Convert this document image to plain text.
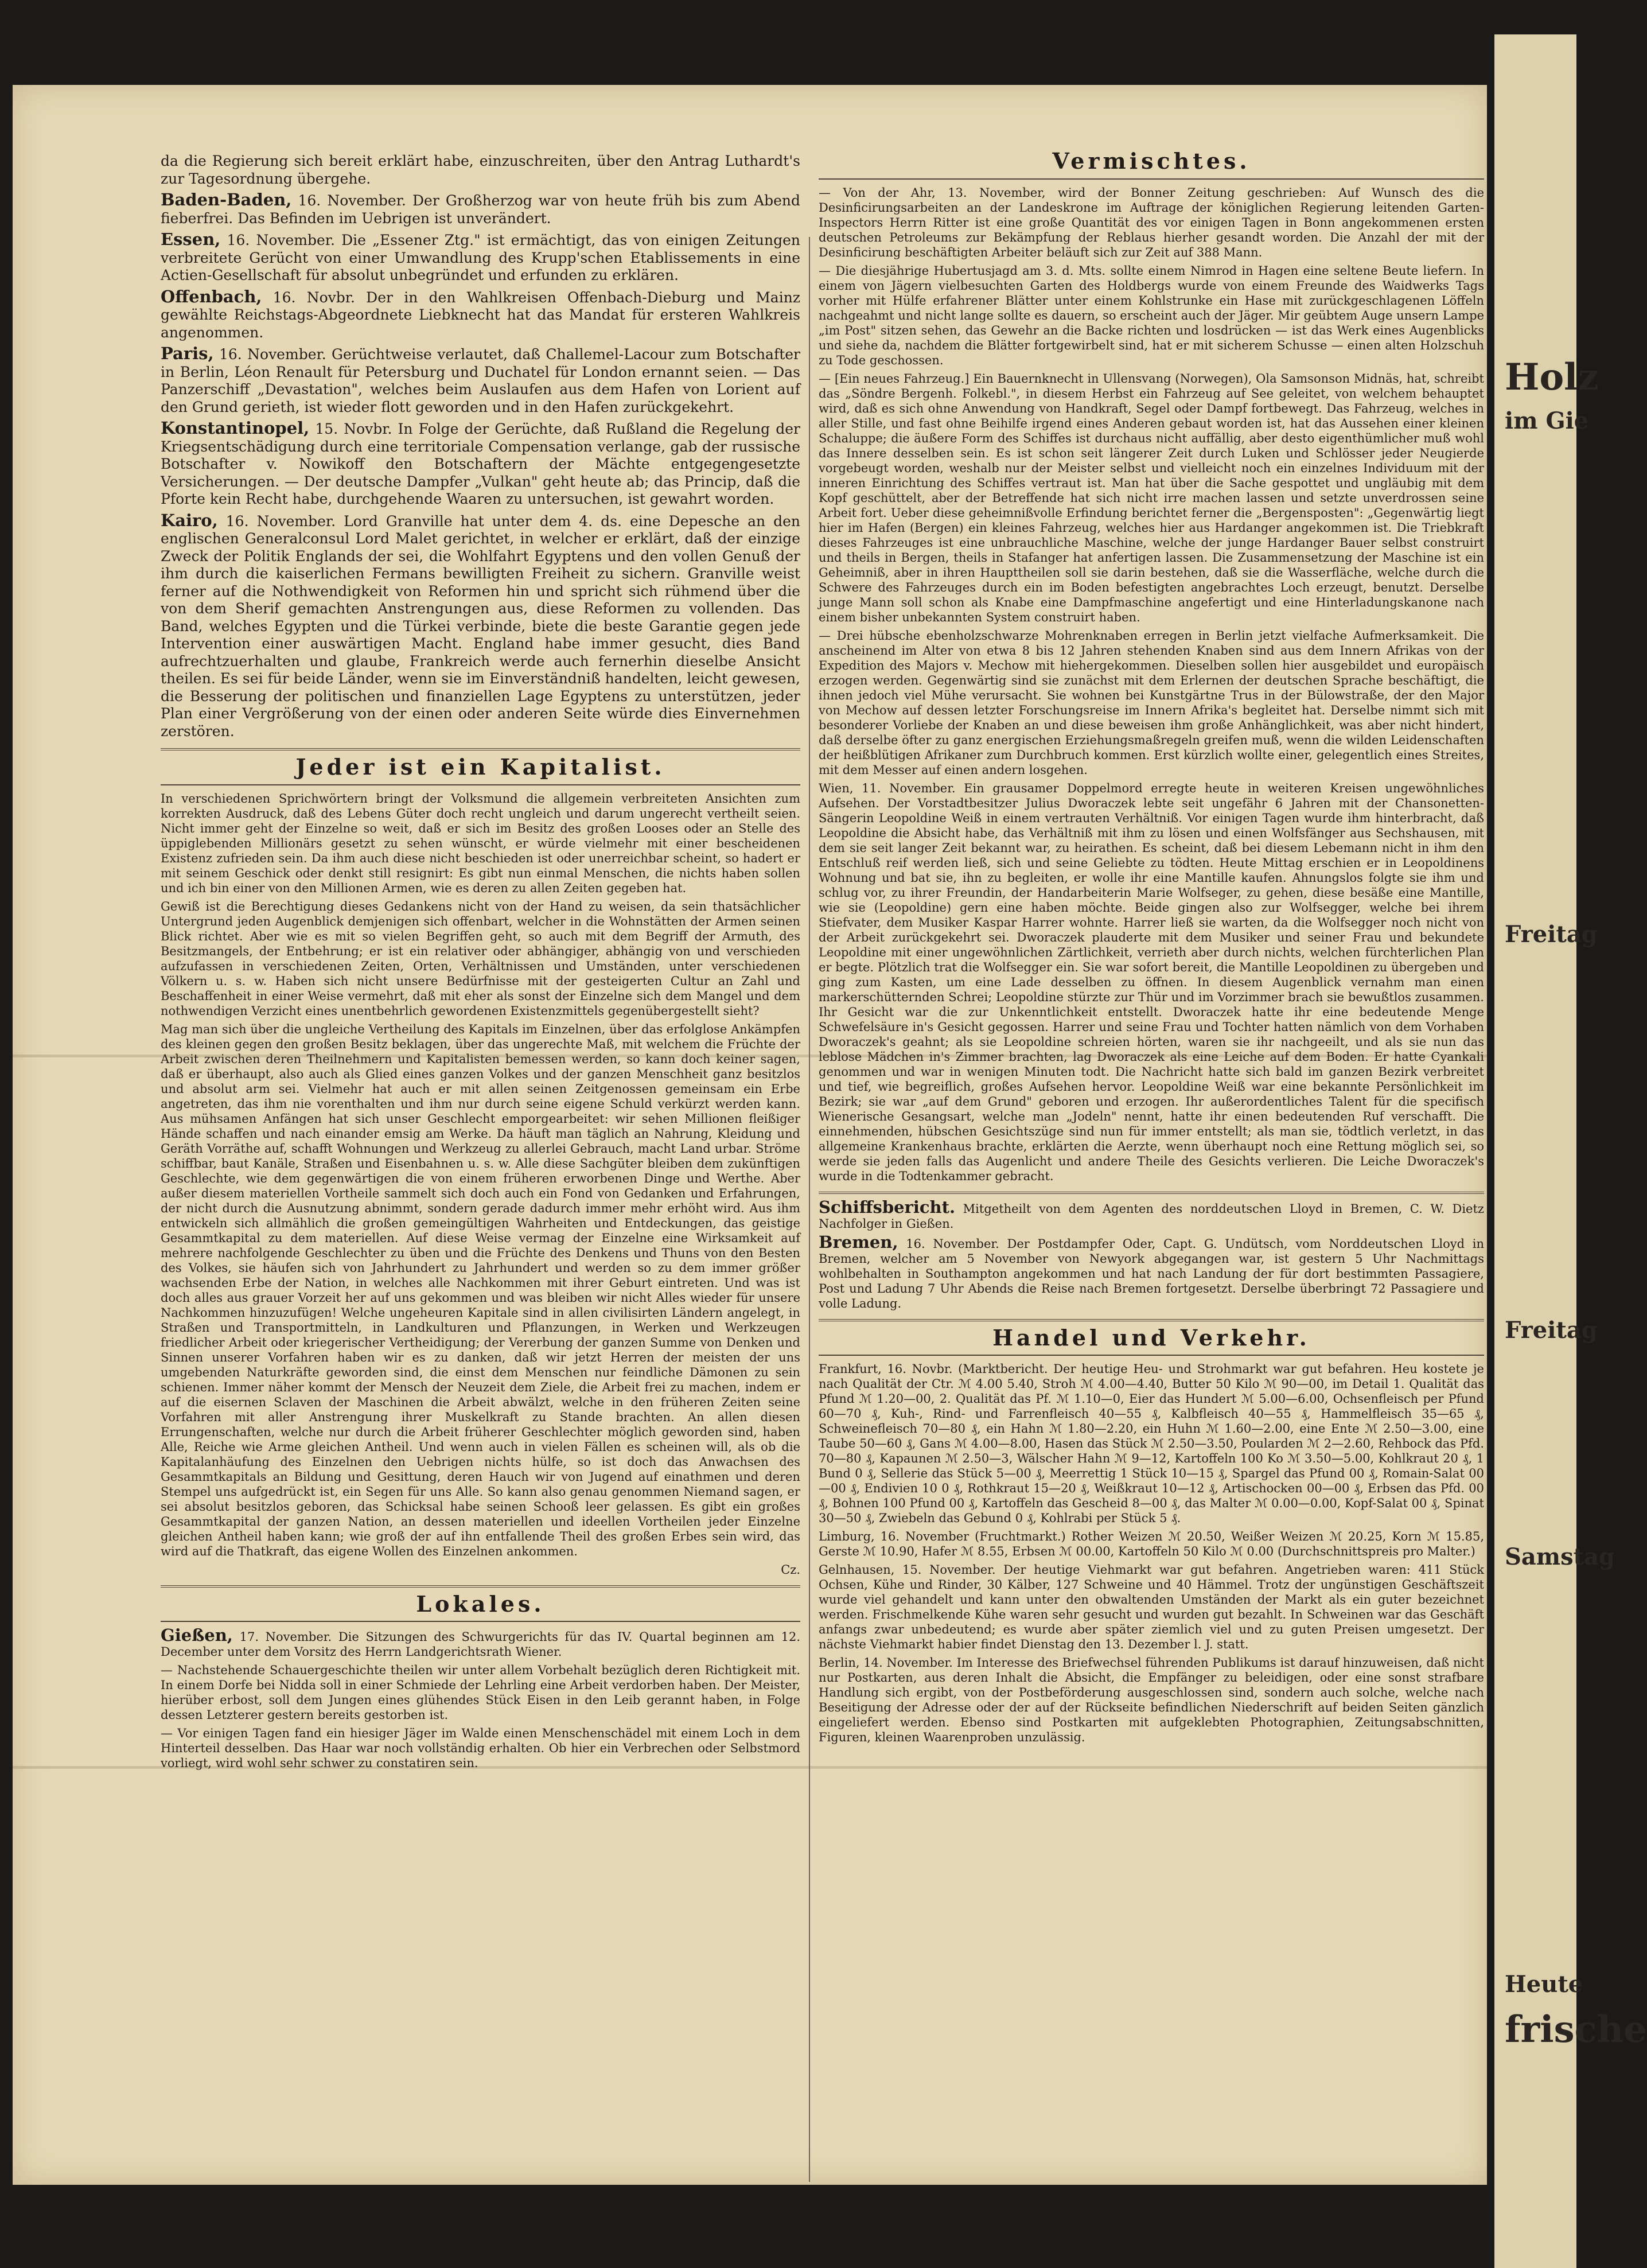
da die Regierung sich bereit erklärt habe, einzuschreiten, über den Antrag Luthardt's zur Tagesordnung übergehe.

Baden-Baden, 16. November. Der Großherzog war von heute früh bis zum Abend fieberfrei. Das Befinden im Uebrigen ist unverändert.

Essen, 16. November. Die „Essener Ztg." ist ermächtigt, das von einigen Zeitungen verbreitete Gerücht von einer Umwandlung des Krupp'schen Etablissements in eine Actien-Gesellschaft für absolut unbegründet und erfunden zu erklären.

Offenbach, 16. Novbr. Der in den Wahlkreisen Offenbach-Dieburg und Mainz gewählte Reichstags-Abgeordnete Liebknecht hat das Mandat für ersteren Wahlkreis angenommen.

Paris, 16. November. Gerüchtweise verlautet, daß Challemel-Lacour zum Botschafter in Berlin, Léon Renault für Petersburg und Duchatel für London ernannt seien. — Das Panzerschiff „Devastation", welches beim Auslaufen aus dem Hafen von Lorient auf den Grund gerieth, ist wieder flott geworden und in den Hafen zurückgekehrt.

Konstantinopel, 15. Novbr. In Folge der Gerüchte, daß Rußland die Regelung der Kriegsentschädigung durch eine territoriale Compensation verlange, gab der russische Botschafter v. Nowikoff den Botschaftern der Mächte entgegengesetzte Versicherungen. — Der deutsche Dampfer „Vulkan" geht heute ab; das Princip, daß die Pforte kein Recht habe, durchgehende Waaren zu untersuchen, ist gewahrt worden.

Kairo, 16. November. Lord Granville hat unter dem 4. ds. eine Depesche an den englischen Generalconsul Lord Malet gerichtet, in welcher er erklärt, daß der einzige Zweck der Politik Englands der sei, die Wohlfahrt Egyptens und den vollen Genuß der ihm durch die kaiserlichen Fermans bewilligten Freiheit zu sichern. Granville weist ferner auf die Nothwendigkeit von Reformen hin und spricht sich rühmend über die von dem Sherif gemachten Anstrengungen aus, diese Reformen zu vollenden. Das Band, welches Egypten und die Türkei verbinde, biete die beste Garantie gegen jede Intervention einer auswärtigen Macht. England habe immer gesucht, dies Band aufrechtzuerhalten und glaube, Frankreich werde auch fernerhin dieselbe Ansicht theilen. Es sei für beide Länder, wenn sie im Einverständniß handelten, leicht gewesen, die Besserung der politischen und finanziellen Lage Egyptens zu unterstützen, jeder Plan einer Vergrößerung von der einen oder anderen Seite würde dies Einvernehmen zerstören.

Jeder ist ein Kapitalist.

In verschiedenen Sprichwörtern bringt der Volksmund die allgemein verbreiteten Ansichten zum korrekten Ausdruck, daß des Lebens Güter doch recht ungleich und darum ungerecht vertheilt seien. Nicht immer geht der Einzelne so weit, daß er sich im Besitz des großen Looses oder an Stelle des üppiglebenden Millionärs gesetzt zu sehen wünscht, er würde vielmehr mit einer bescheidenen Existenz zufrieden sein. Da ihm auch diese nicht beschieden ist oder unerreichbar scheint, so hadert er mit seinem Geschick oder denkt still resignirt: Es gibt nun einmal Menschen, die nichts haben sollen und ich bin einer von den Millionen Armen, wie es deren zu allen Zeiten gegeben hat.

Gewiß ist die Berechtigung dieses Gedankens nicht von der Hand zu weisen, da sein thatsächlicher Untergrund jeden Augenblick demjenigen sich offenbart, welcher in die Wohnstätten der Armen seinen Blick richtet. Aber wie es mit so vielen Begriffen geht, so auch mit dem Begriff der Armuth, des Besitzmangels, der Entbehrung; er ist ein relativer oder abhängiger, abhängig von und verschieden aufzufassen in verschiedenen Zeiten, Orten, Verhältnissen und Umständen, unter verschiedenen Völkern u. s. w. Haben sich nicht unsere Bedürfnisse mit der gesteigerten Cultur an Zahl und Beschaffenheit in einer Weise vermehrt, daß mit eher als sonst der Einzelne sich dem Mangel und dem nothwendigen Verzicht eines unentbehrlich gewordenen Existenzmittels gegenübergestellt sieht?

Mag man sich über die ungleiche Vertheilung des Kapitals im Einzelnen, über das erfolglose Ankämpfen des kleinen gegen den großen Besitz beklagen, über das ungerechte Maß, mit welchem die Früchte der Arbeit zwischen deren Theilnehmern und Kapitalisten bemessen werden, so kann doch keiner sagen, daß er überhaupt, also auch als Glied eines ganzen Volkes und der ganzen Menschheit ganz besitzlos und absolut arm sei. Vielmehr hat auch er mit allen seinen Zeitgenossen gemeinsam ein Erbe angetreten, das ihm nie vorenthalten und ihm nur durch seine eigene Schuld verkürzt werden kann. Aus mühsamen Anfängen hat sich unser Geschlecht emporgearbeitet: wir sehen Millionen fleißiger Hände schaffen und nach einander emsig am Werke. Da häuft man täglich an Nahrung, Kleidung und Geräth Vorräthe auf, schafft Wohnungen und Werkzeug zu allerlei Gebrauch, macht Land urbar. Ströme schiffbar, baut Kanäle, Straßen und Eisenbahnen u. s. w. Alle diese Sachgüter bleiben dem zukünftigen Geschlechte, wie dem gegenwärtigen die von einem früheren erworbenen Dinge und Werthe. Aber außer diesem materiellen Vortheile sammelt sich doch auch ein Fond von Gedanken und Erfahrungen, der nicht durch die Ausnutzung abnimmt, sondern gerade dadurch immer mehr erhöht wird. Aus ihm entwickeln sich allmählich die großen gemeingültigen Wahrheiten und Entdeckungen, das geistige Gesammtkapital zu dem materiellen. Auf diese Weise vermag der Einzelne eine Wirksamkeit auf mehrere nachfolgende Geschlechter zu üben und die Früchte des Denkens und Thuns von den Besten des Volkes, sie häufen sich von Jahrhundert zu Jahrhundert und werden so zu dem immer größer wachsenden Erbe der Nation, in welches alle Nachkommen mit ihrer Geburt eintreten. Und was ist doch alles aus grauer Vorzeit her auf uns gekommen und was bleiben wir nicht Alles wieder für unsere Nachkommen hinzuzufügen! Welche ungeheuren Kapitale sind in allen civilisirten Ländern angelegt, in Straßen und Transportmitteln, in Landkulturen und Pflanzungen, in Werken und Werkzeugen friedlicher Arbeit oder kriegerischer Vertheidigung; der Vererbung der ganzen Summe von Denken und Sinnen unserer Vorfahren haben wir es zu danken, daß wir jetzt Herren der meisten der uns umgebenden Naturkräfte geworden sind, die einst dem Menschen nur feindliche Dämonen zu sein schienen. Immer näher kommt der Mensch der Neuzeit dem Ziele, die Arbeit frei zu machen, indem er auf die eisernen Sclaven der Maschinen die Arbeit abwälzt, welche in den früheren Zeiten seine Vorfahren mit aller Anstrengung ihrer Muskelkraft zu Stande brachten. An allen diesen Errungenschaften, welche nur durch die Arbeit früherer Geschlechter möglich geworden sind, haben Alle, Reiche wie Arme gleichen Antheil. Und wenn auch in vielen Fällen es scheinen will, als ob die Kapitalanhäufung des Einzelnen den Uebrigen nichts hülfe, so ist doch das Anwachsen des Gesammtkapitals an Bildung und Gesittung, deren Hauch wir von Jugend auf einathmen und deren Stempel uns aufgedrückt ist, ein Segen für uns Alle. So kann also genau genommen Niemand sagen, er sei absolut besitzlos geboren, das Schicksal habe seinen Schooß leer gelassen. Es gibt ein großes Gesammtkapital der ganzen Nation, an dessen materiellen und ideellen Vortheilen jeder Einzelne gleichen Antheil haben kann; wie groß der auf ihn entfallende Theil des großen Erbes sein wird, das wird auf die Thatkraft, das eigene Wollen des Einzelnen ankommen.

Cz.

Lokales.

Gießen, 17. November. Die Sitzungen des Schwurgerichts für das IV. Quartal beginnen am 12. December unter dem Vorsitz des Herrn Landgerichtsrath Wiener.

— Nachstehende Schauergeschichte theilen wir unter allem Vorbehalt bezüglich deren Richtigkeit mit. In einem Dorfe bei Nidda soll in einer Schmiede der Lehrling eine Arbeit verdorben haben. Der Meister, hierüber erbost, soll dem Jungen eines glühendes Stück Eisen in den Leib gerannt haben, in Folge dessen Letzterer gestern bereits gestorben ist.

— Vor einigen Tagen fand ein hiesiger Jäger im Walde einen Menschenschädel mit einem Loch in dem Hinterteil desselben. Das Haar war noch vollständig erhalten. Ob hier ein Verbrechen oder Selbstmord vorliegt, wird wohl sehr schwer zu constatiren sein.

Vermischtes.

— Von der Ahr, 13. November, wird der Bonner Zeitung geschrieben: Auf Wunsch des die Desinficirungsarbeiten an der Landeskrone im Auftrage der königlichen Regierung leitenden Garten-Inspectors Herrn Ritter ist eine große Quantität des vor einigen Tagen in Bonn angekommenen ersten deutschen Petroleums zur Bekämpfung der Reblaus hierher gesandt worden. Die Anzahl der mit der Desinficirung beschäftigten Arbeiter beläuft sich zur Zeit auf 388 Mann.

— Die diesjährige Hubertusjagd am 3. d. Mts. sollte einem Nimrod in Hagen eine seltene Beute liefern. In einem von Jägern vielbesuchten Garten des Holdbergs wurde von einem Freunde des Waidwerks Tags vorher mit Hülfe erfahrener Blätter unter einem Kohlstrunke ein Hase mit zurückgeschlagenen Löffeln nachgeahmt und nicht lange sollte es dauern, so erscheint auch der Jäger. Mir geübtem Auge unsern Lampe „im Post" sitzen sehen, das Gewehr an die Backe richten und losdrücken — ist das Werk eines Augenblicks und siehe da, nachdem die Blätter fortgewirbelt sind, hat er mit sicherem Schusse — einen alten Holzschuh zu Tode geschossen.

— [Ein neues Fahrzeug.] Ein Bauernknecht in Ullensvang (Norwegen), Ola Samsonson Midnäs, hat, schreibt das „Söndre Bergenh. Folkebl.", in diesem Herbst ein Fahrzeug auf See geleitet, von welchem behauptet wird, daß es sich ohne Anwendung von Handkraft, Segel oder Dampf fortbewegt. Das Fahrzeug, welches in aller Stille, und fast ohne Beihilfe irgend eines Anderen gebaut worden ist, hat das Aussehen einer kleinen Schaluppe; die äußere Form des Schiffes ist durchaus nicht auffällig, aber desto eigenthümlicher muß wohl das Innere desselben sein. Es ist schon seit längerer Zeit durch Luken und Schlösser jeder Neugierde vorgebeugt worden, weshalb nur der Meister selbst und vielleicht noch ein einzelnes Individuum mit der inneren Einrichtung des Schiffes vertraut ist. Man hat über die Sache gespottet und ungläubig mit dem Kopf geschüttelt, aber der Betreffende hat sich nicht irre machen lassen und setzte unverdrossen seine Arbeit fort. Ueber diese geheimnißvolle Erfindung berichtet ferner die „Bergensposten": „Gegenwärtig liegt hier im Hafen (Bergen) ein kleines Fahrzeug, welches hier aus Hardanger angekommen ist. Die Triebkraft dieses Fahrzeuges ist eine unbrauchliche Maschine, welche der junge Hardanger Bauer selbst construirt und theils in Bergen, theils in Stafanger hat anfertigen lassen. Die Zusammensetzung der Maschine ist ein Geheimniß, aber in ihren Haupttheilen soll sie darin bestehen, daß sie die Wasserfläche, welche durch die Schwere des Fahrzeuges durch ein im Boden befestigten angebrachtes Loch erzeugt, benutzt. Derselbe junge Mann soll schon als Knabe eine Dampfmaschine angefertigt und eine Hinterladungskanone nach einem bisher unbekannten System construirt haben.

— Drei hübsche ebenholzschwarze Mohrenknaben erregen in Berlin jetzt vielfache Aufmerksamkeit. Die anscheinend im Alter von etwa 8 bis 12 Jahren stehenden Knaben sind aus dem Innern Afrikas von der Expedition des Majors v. Mechow mit hiehergekommen. Dieselben sollen hier ausgebildet und europäisch erzogen werden. Gegenwärtig sind sie zunächst mit dem Erlernen der deutschen Sprache beschäftigt, die ihnen jedoch viel Mühe verursacht. Sie wohnen bei Kunstgärtne Trus in der Bülowstraße, der den Major von Mechow auf dessen letzter Forschungsreise im Innern Afrika's begleitet hat. Derselbe nimmt sich mit besonderer Vorliebe der Knaben an und diese beweisen ihm große Anhänglichkeit, was aber nicht hindert, daß derselbe öfter zu ganz energischen Erziehungsmaßregeln greifen muß, wenn die wilden Leidenschaften der heißblütigen Afrikaner zum Durchbruch kommen. Erst kürzlich wollte einer, gelegentlich eines Streites, mit dem Messer auf einen andern losgehen.

Wien, 11. November. Ein grausamer Doppelmord erregte heute in weiteren Kreisen ungewöhnliches Aufsehen. Der Vorstadtbesitzer Julius Dworaczek lebte seit ungefähr 6 Jahren mit der Chansonetten-Sängerin Leopoldine Weiß in einem vertrauten Verhältniß. Vor einigen Tagen wurde ihm hinterbracht, daß Leopoldine die Absicht habe, das Verhältniß mit ihm zu lösen und einen Wolfsfänger aus Sechshausen, mit dem sie seit langer Zeit bekannt war, zu heirathen. Es scheint, daß bei diesem Lebemann nicht in ihm den Entschluß reif werden ließ, sich und seine Geliebte zu tödten. Heute Mittag erschien er in Leopoldinens Wohnung und bat sie, ihn zu begleiten, er wolle ihr eine Mantille kaufen. Ahnungslos folgte sie ihm und schlug vor, zu ihrer Freundin, der Handarbeiterin Marie Wolfseger, zu gehen, diese besäße eine Mantille, wie sie (Leopoldine) gern eine haben möchte. Beide gingen also zur Wolfsegger, welche bei ihrem Stiefvater, dem Musiker Kaspar Harrer wohnte. Harrer ließ sie warten, da die Wolfsegger noch nicht von der Arbeit zurückgekehrt sei. Dworaczek plauderte mit dem Musiker und seiner Frau und bekundete Leopoldine mit einer ungewöhnlichen Zärtlichkeit, verrieth aber durch nichts, welchen fürchterlichen Plan er begte. Plötzlich trat die Wolfsegger ein. Sie war sofort bereit, die Mantille Leopoldinen zu übergeben und ging zum Kasten, um eine Lade desselben zu öffnen. In diesem Augenblick vernahm man einen markerschütternden Schrei; Leopoldine stürzte zur Thür und im Vorzimmer brach sie bewußtlos zusammen. Ihr Gesicht war die zur Unkenntlichkeit entstellt. Dworaczek hatte ihr eine bedeutende Menge Schwefelsäure in's Gesicht gegossen. Harrer und seine Frau und Tochter hatten nämlich von dem Vorhaben Dworaczek's geahnt; als sie Leopoldine schreien hörten, waren sie ihr nachgeeilt, und als sie nun das leblose Mädchen in's Zimmer brachten, lag Dworaczek als eine Leiche auf dem Boden. Er hatte Cyankali genommen und war in wenigen Minuten todt. Die Nachricht hatte sich bald im ganzen Bezirk verbreitet und tief, wie begreiflich, großes Aufsehen hervor. Leopoldine Weiß war eine bekannte Persönlichkeit im Bezirk; sie war „auf dem Grund" geboren und erzogen. Ihr außerordentliches Talent für die specifisch Wienerische Gesangsart, welche man „Jodeln" nennt, hatte ihr einen bedeutenden Ruf verschafft. Die einnehmenden, hübschen Gesichtszüge sind nun für immer entstellt; als man sie, tödtlich verletzt, in das allgemeine Krankenhaus brachte, erklärten die Aerzte, wenn überhaupt noch eine Rettung möglich sei, so werde sie jeden falls das Augenlicht und andere Theile des Gesichts verlieren. Die Leiche Dworaczek's wurde in die Todtenkammer gebracht.

Schiffsbericht. Mitgetheilt von dem Agenten des norddeutschen Lloyd in Bremen, C. W. Dietz Nachfolger in Gießen.

Bremen, 16. November. Der Postdampfer Oder, Capt. G. Undütsch, vom Norddeutschen Lloyd in Bremen, welcher am 5 November von Newyork abgegangen war, ist gestern 5 Uhr Nachmittags wohlbehalten in Southampton angekommen und hat nach Landung der für dort bestimmten Passagiere, Post und Ladung 7 Uhr Abends die Reise nach Bremen fortgesetzt. Derselbe überbringt 72 Passagiere und volle Ladung.

Handel und Verkehr.

Frankfurt, 16. Novbr. (Marktbericht. Der heutige Heu- und Strohmarkt war gut befahren. Heu kostete je nach Qualität der Ctr. ℳ 4.00 5.40, Stroh ℳ 4.00—4.40, Butter 50 Kilo ℳ 90—00, im Detail 1. Qualität das Pfund ℳ 1.20—00, 2. Qualität das Pf. ℳ 1.10—0, Eier das Hundert ℳ 5.00—6.00, Ochsenfleisch per Pfund 60—70 ₰, Kuh-, Rind- und Farrenfleisch 40—55 ₰, Kalbfleisch 40—55 ₰, Hammelfleisch 35—65 ₰, Schweinefleisch 70—80 ₰, ein Hahn ℳ 1.80—2.20, ein Huhn ℳ 1.60—2.00, eine Ente ℳ 2.50—3.00, eine Taube 50—60 ₰, Gans ℳ 4.00—8.00, Hasen das Stück ℳ 2.50—3.50, Poularden ℳ 2—2.60, Rehbock das Pfd. 70—80 ₰, Kapaunen ℳ 2.50—3, Wälscher Hahn ℳ 9—12, Kartoffeln 100 Ko ℳ 3.50—5.00, Kohlkraut 20 ₰, 1 Bund 0 ₰, Sellerie das Stück 5—00 ₰, Meerrettig 1 Stück 10—15 ₰, Spargel das Pfund 00 ₰, Romain-Salat 00—00 ₰, Endivien 10 0 ₰, Rothkraut 15—20 ₰, Weißkraut 10—12 ₰, Artischocken 00—00 ₰, Erbsen das Pfd. 00 ₰, Bohnen 100 Pfund 00 ₰, Kartoffeln das Gescheid 8—00 ₰, das Malter ℳ 0.00—0.00, Kopf-Salat 00 ₰, Spinat 30—50 ₰, Zwiebeln das Gebund 0 ₰, Kohlrabi per Stück 5 ₰.

Limburg, 16. November (Fruchtmarkt.) Rother Weizen ℳ 20.50, Weißer Weizen ℳ 20.25, Korn ℳ 15.85, Gerste ℳ 10.90, Hafer ℳ 8.55, Erbsen ℳ 00.00, Kartoffeln 50 Kilo ℳ 0.00 (Durchschnittspreis pro Malter.)

Gelnhausen, 15. November. Der heutige Viehmarkt war gut befahren. Angetrieben waren: 411 Stück Ochsen, Kühe und Rinder, 30 Kälber, 127 Schweine und 40 Hämmel. Trotz der ungünstigen Geschäftszeit wurde viel gehandelt und kann unter den obwaltenden Umständen der Markt als ein guter bezeichnet werden. Frischmelkende Kühe waren sehr gesucht und wurden gut bezahlt. In Schweinen war das Geschäft anfangs zwar unbedeutend; es wurde aber später ziemlich viel und zu guten Preisen umgesetzt. Der nächste Viehmarkt habier findet Dienstag den 13. Dezember l. J. statt.

Berlin, 14. November. Im Interesse des Briefwechsel führenden Publikums ist darauf hinzuweisen, daß nicht nur Postkarten, aus deren Inhalt die Absicht, die Empfänger zu beleidigen, oder eine sonst strafbare Handlung sich ergibt, von der Postbeförderung ausgeschlossen sind, sondern auch solche, welche nach Beseitigung der Adresse oder der auf der Rückseite befindlichen Niederschrift auf beiden Seiten gänzlich eingeliefert werden. Ebenso sind Postkarten mit aufgeklebten Photographien, Zeitungsabschnitten, Figuren, kleinen Waarenproben unzulässig.

Holz
im Gie
Freitag
Freitag
Samstag
Heute
frische
